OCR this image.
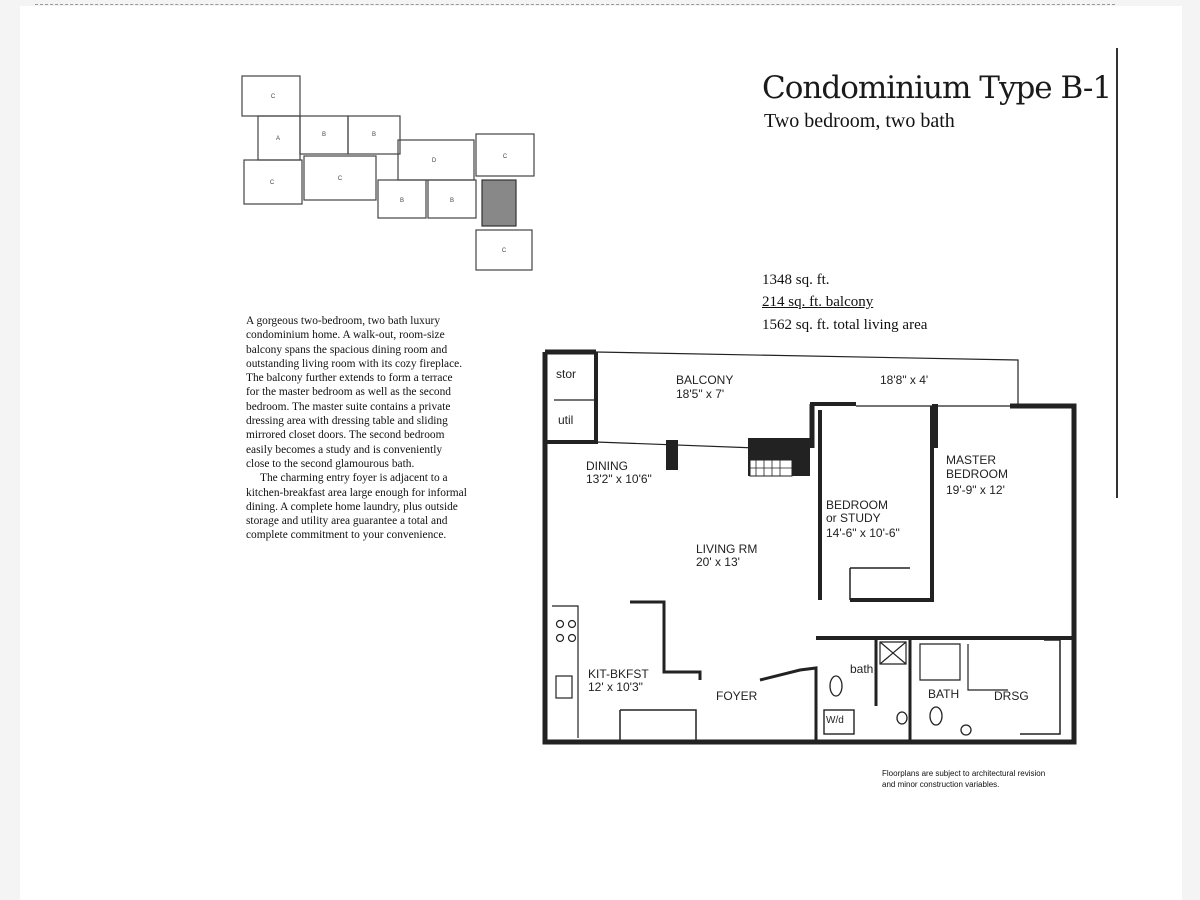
C
A
B	B
D
C
C
C
B	B
C
Condominium Type B-1
Two bedroom, two bath
1348 sq. ft.
214 sq. ft. balcony
1562 sq. ft. total living area

A gorgeous two-bedroom, two bath luxury condominium home. A walk-out, room-size balcony spans the spacious dining room and outstanding living room with its cozy fireplace. The balcony further extends to form a terrace for the master bedroom as well as the second bedroom. The master suite contains a private dressing area with dressing table and sliding mirrored closet doors. The second bedroom easily becomes a study and is conveniently close to the second glamourous bath.

The charming entry foyer is adjacent to a kitchen-breakfast area large enough for informal dining. A complete home laundry, plus outside storage and utility area guarantee a total and complete commitment to your convenience.

stor
util
BALCONY
18'5" x 7'
18'8" x 4'
DINING
13'2" x 10'6"
BEDROOM
or STUDY
14'-6" x 10'-6"
MASTER
BEDROOM
19'-9" x 12'
LIVING RM
20' x 13'
KIT-BKFST
12' x 10'3"
FOYER
bath
BATH	DRSG
W/d
Floorplans are subject to architectural revision
and minor construction variables.
